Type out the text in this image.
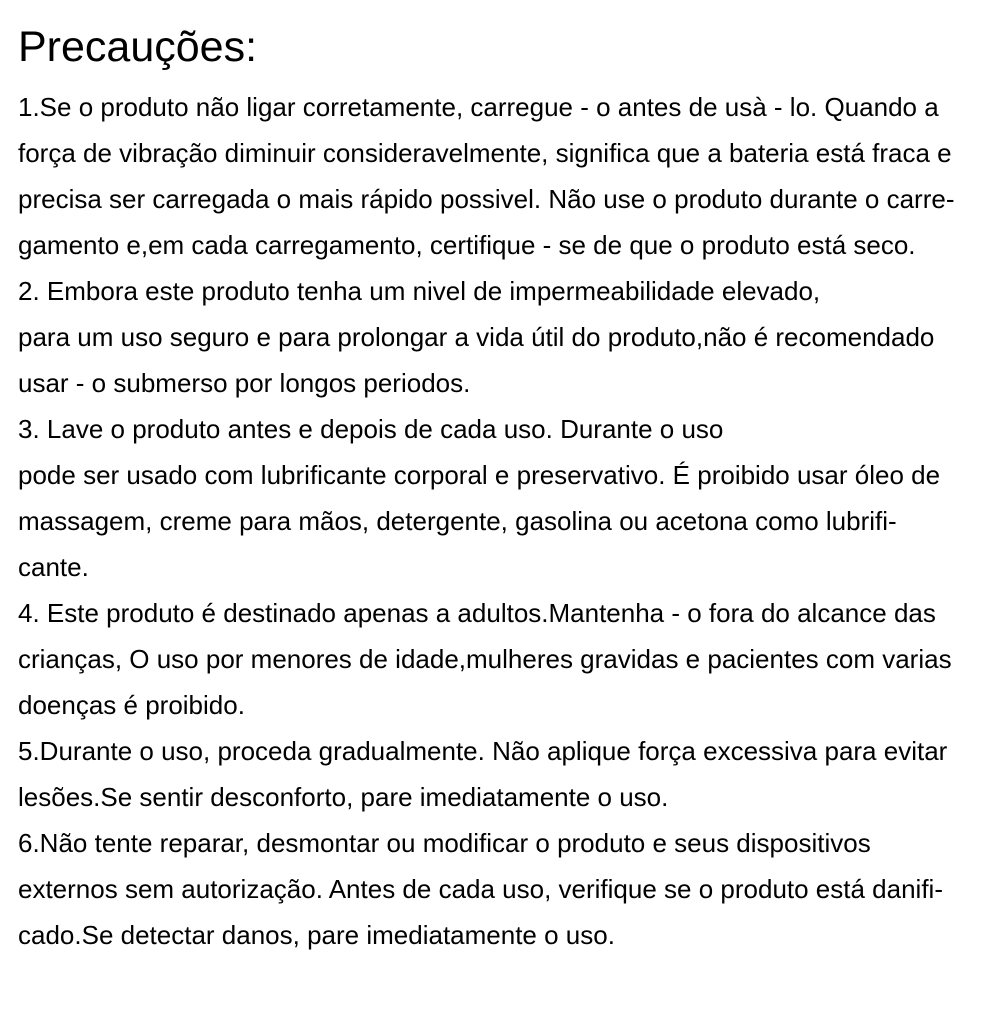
Precauções:

1.Se o produto não ligar corretamente, carregue - o antes de usà - lo. Quando a

força de vibração diminuir consideravelmente, significa que a bateria está fraca e

precisa ser carregada o mais rápido possivel. Não use o produto durante o carre-

gamento e,em cada carregamento, certifique - se de que o produto está seco.

2. Embora este produto tenha um nivel de impermeabilidade elevado,

para um uso seguro e para prolongar a vida útil do produto,não é recomendado

usar - o submerso por longos periodos.

3. Lave o produto antes e depois de cada uso. Durante o uso

pode ser usado com lubrificante corporal e preservativo. É proibido usar óleo de

massagem, creme para mãos, detergente, gasolina ou acetona como lubrifi-

cante.

4. Este produto é destinado apenas a adultos.Mantenha - o fora do alcance das

crianças, O uso por menores de idade,mulheres gravidas e pacientes com varias

doenças é proibido.

5.Durante o uso, proceda gradualmente. Não aplique força excessiva para evitar

lesões.Se sentir desconforto, pare imediatamente o uso.

6.Não tente reparar, desmontar ou modificar o produto e seus dispositivos

externos sem autorização. Antes de cada uso, verifique se o produto está danifi-

cado.Se detectar danos, pare imediatamente o uso.
